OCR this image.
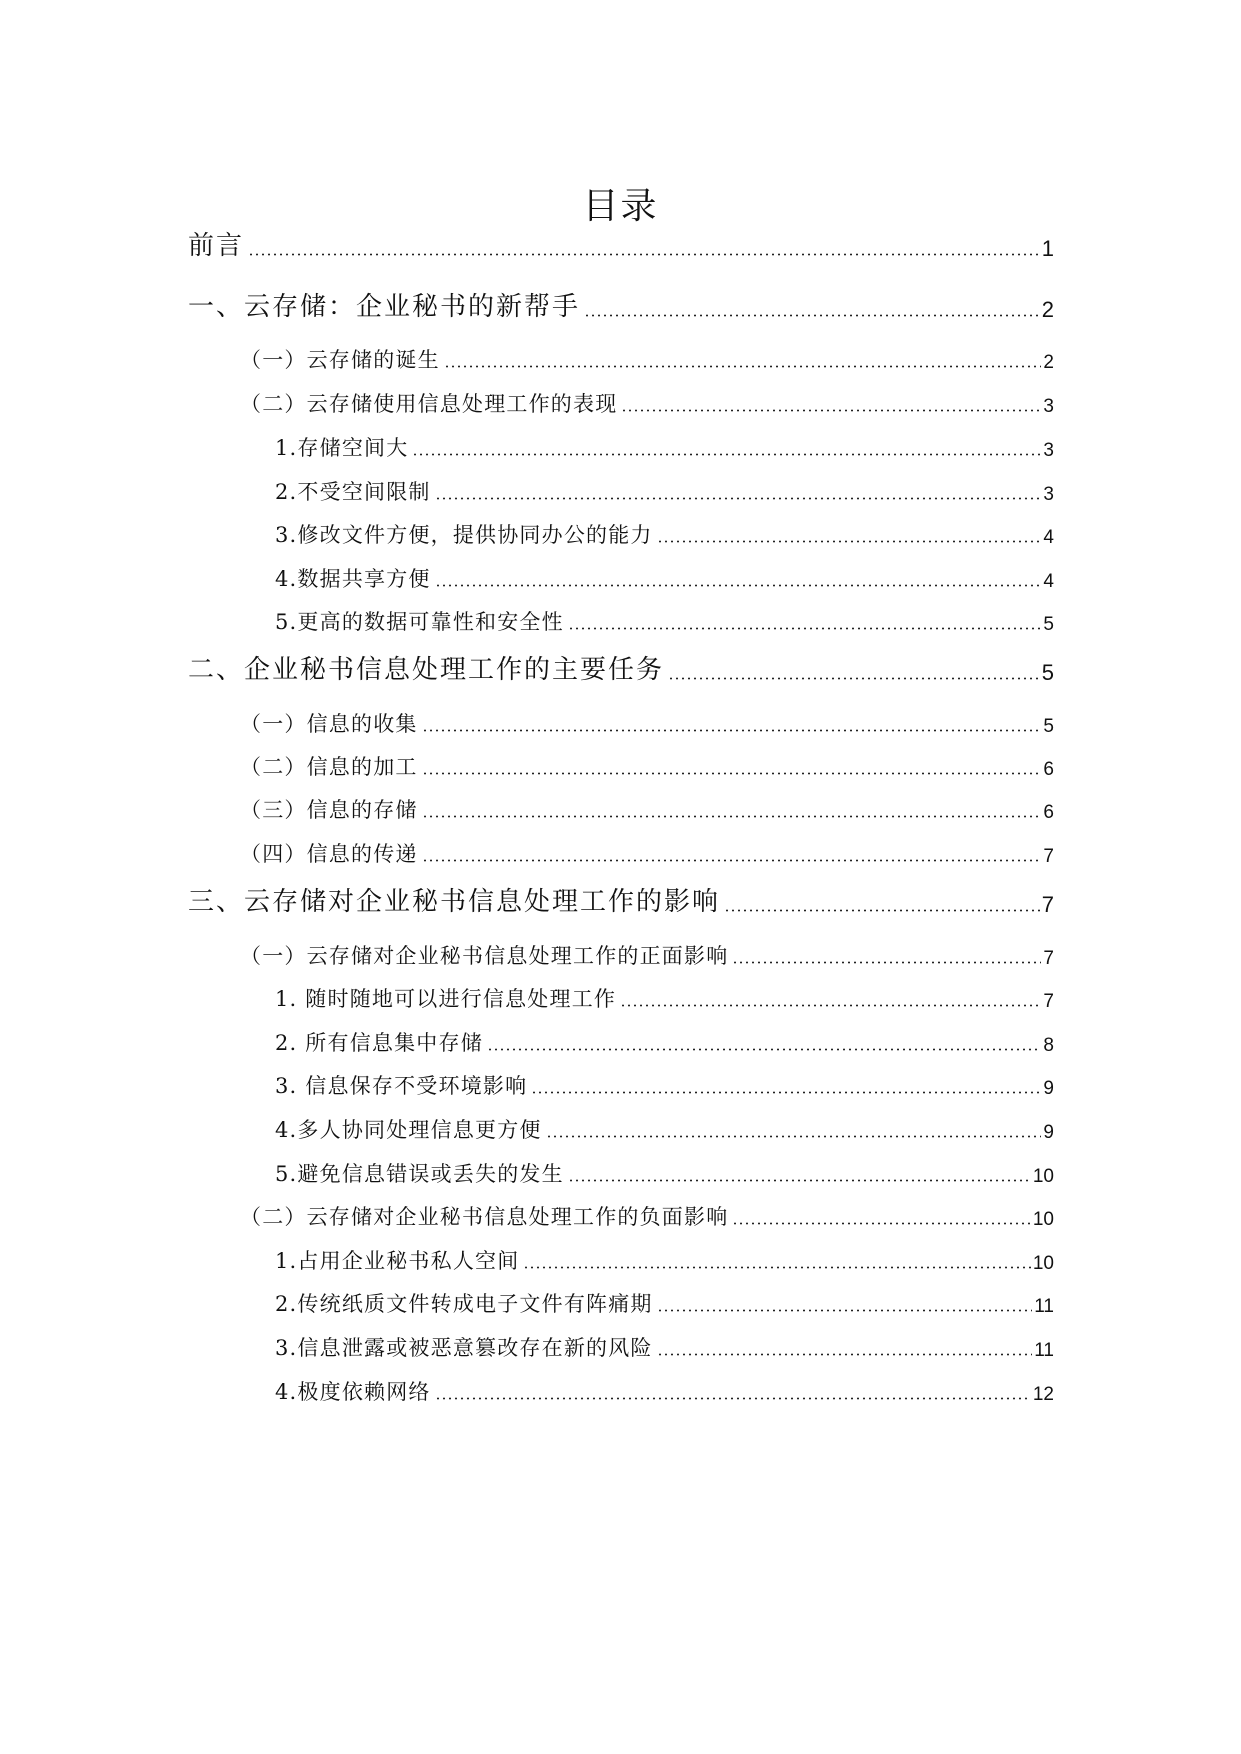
目录
前言	1
一、云存储：企业秘书的新帮手	2
（一）云存储的诞生	2
（二）云存储使用信息处理工作的表现	3
1.存储空间大	3
2.不受空间限制	3
3.修改文件方便，提供协同办公的能力	4
4.数据共享方便	4
5.更高的数据可靠性和安全性	5
二、企业秘书信息处理工作的主要任务	5
（一）信息的收集	5
（二）信息的加工	6
（三）信息的存储	6
（四）信息的传递	7
三、云存储对企业秘书信息处理工作的影响	7
（一）云存储对企业秘书信息处理工作的正面影响	7
1. 随时随地可以进行信息处理工作	7
2. 所有信息集中存储	8
3. 信息保存不受环境影响	9
4.多人协同处理信息更方便	9
5.避免信息错误或丢失的发生	10
（二）云存储对企业秘书信息处理工作的负面影响	10
1.占用企业秘书私人空间	10
2.传统纸质文件转成电子文件有阵痛期	11
3.信息泄露或被恶意篡改存在新的风险	11
4.极度依赖网络	12
